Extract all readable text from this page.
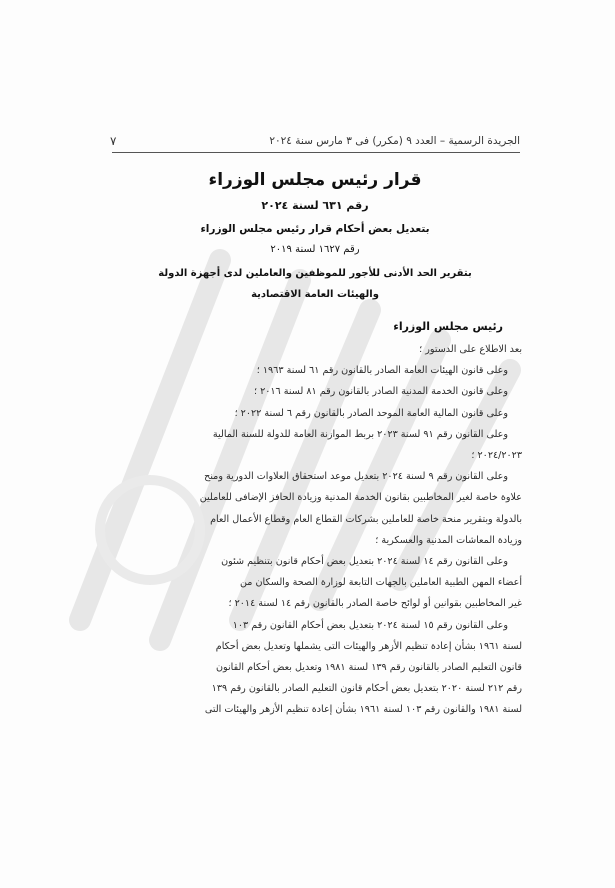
٧	الجريدة الرسمية – العدد ٩ (مكرر) فى ٣ مارس سنة ٢٠٢٤
قرار رئيس مجلس الوزراء
رقم ٦٣١ لسنة ٢٠٢٤
بتعديل بعض أحكام قرار رئيس مجلس الوزراء
رقم ١٦٢٧ لسنة ٢٠١٩
بتقرير الحد الأدنى للأجور للموظفين والعاملين لدى أجهزة الدولة
والهيئات العامة الاقتصادية
رئيس مجلس الوزراء
بعد الاطلاع على الدستور ؛
وعلى قانون الهيئات العامة الصادر بالقانون رقم ٦١ لسنة ١٩٦٣ ؛
وعلى قانون الخدمة المدنية الصادر بالقانون رقم ٨١ لسنة ٢٠١٦ ؛
وعلى قانون المالية العامة الموحد الصادر بالقانون رقم ٦ لسنة ٢٠٢٢ ؛
وعلى القانون رقم ٩١ لسنة ٢٠٢٣ بربط الموازنة العامة للدولة للسنة المالية
٢٠٢٤/٢٠٢٣ ؛
وعلى القانون رقم ٩ لسنة ٢٠٢٤ بتعديل موعد استحقاق العلاوات الدورية ومنح
علاوة خاصة لغير المخاطبين بقانون الخدمة المدنية وزيادة الحافز الإضافى للعاملين
بالدولة وبتقرير منحة خاصة للعاملين بشركات القطاع العام وقطاع الأعمال العام
وزيادة المعاشات المدنية والعسكرية ؛
وعلى القانون رقم ١٤ لسنة ٢٠٢٤ بتعديل بعض أحكام قانون بتنظيم شئون
أعضاء المهن الطبية العاملين بالجهات التابعة لوزارة الصحة والسكان من
غير المخاطبين بقوانين أو لوائح خاصة الصادر بالقانون رقم ١٤ لسنة ٢٠١٤ ؛
وعلى القانون رقم ١٥ لسنة ٢٠٢٤ بتعديل بعض أحكام القانون رقم ١٠٣
لسنة ١٩٦١ بشأن إعادة تنظيم الأزهر والهيئات التى يشملها وتعديل بعض أحكام
قانون التعليم الصادر بالقانون رقم ١٣٩ لسنة ١٩٨١ وتعديل بعض أحكام القانون
رقم ٢١٢ لسنة ٢٠٢٠ بتعديل بعض أحكام قانون التعليم الصادر بالقانون رقم ١٣٩
لسنة ١٩٨١ والقانون رقم ١٠٣ لسنة ١٩٦١ بشأن إعادة تنظيم الأزهر والهيئات التى
